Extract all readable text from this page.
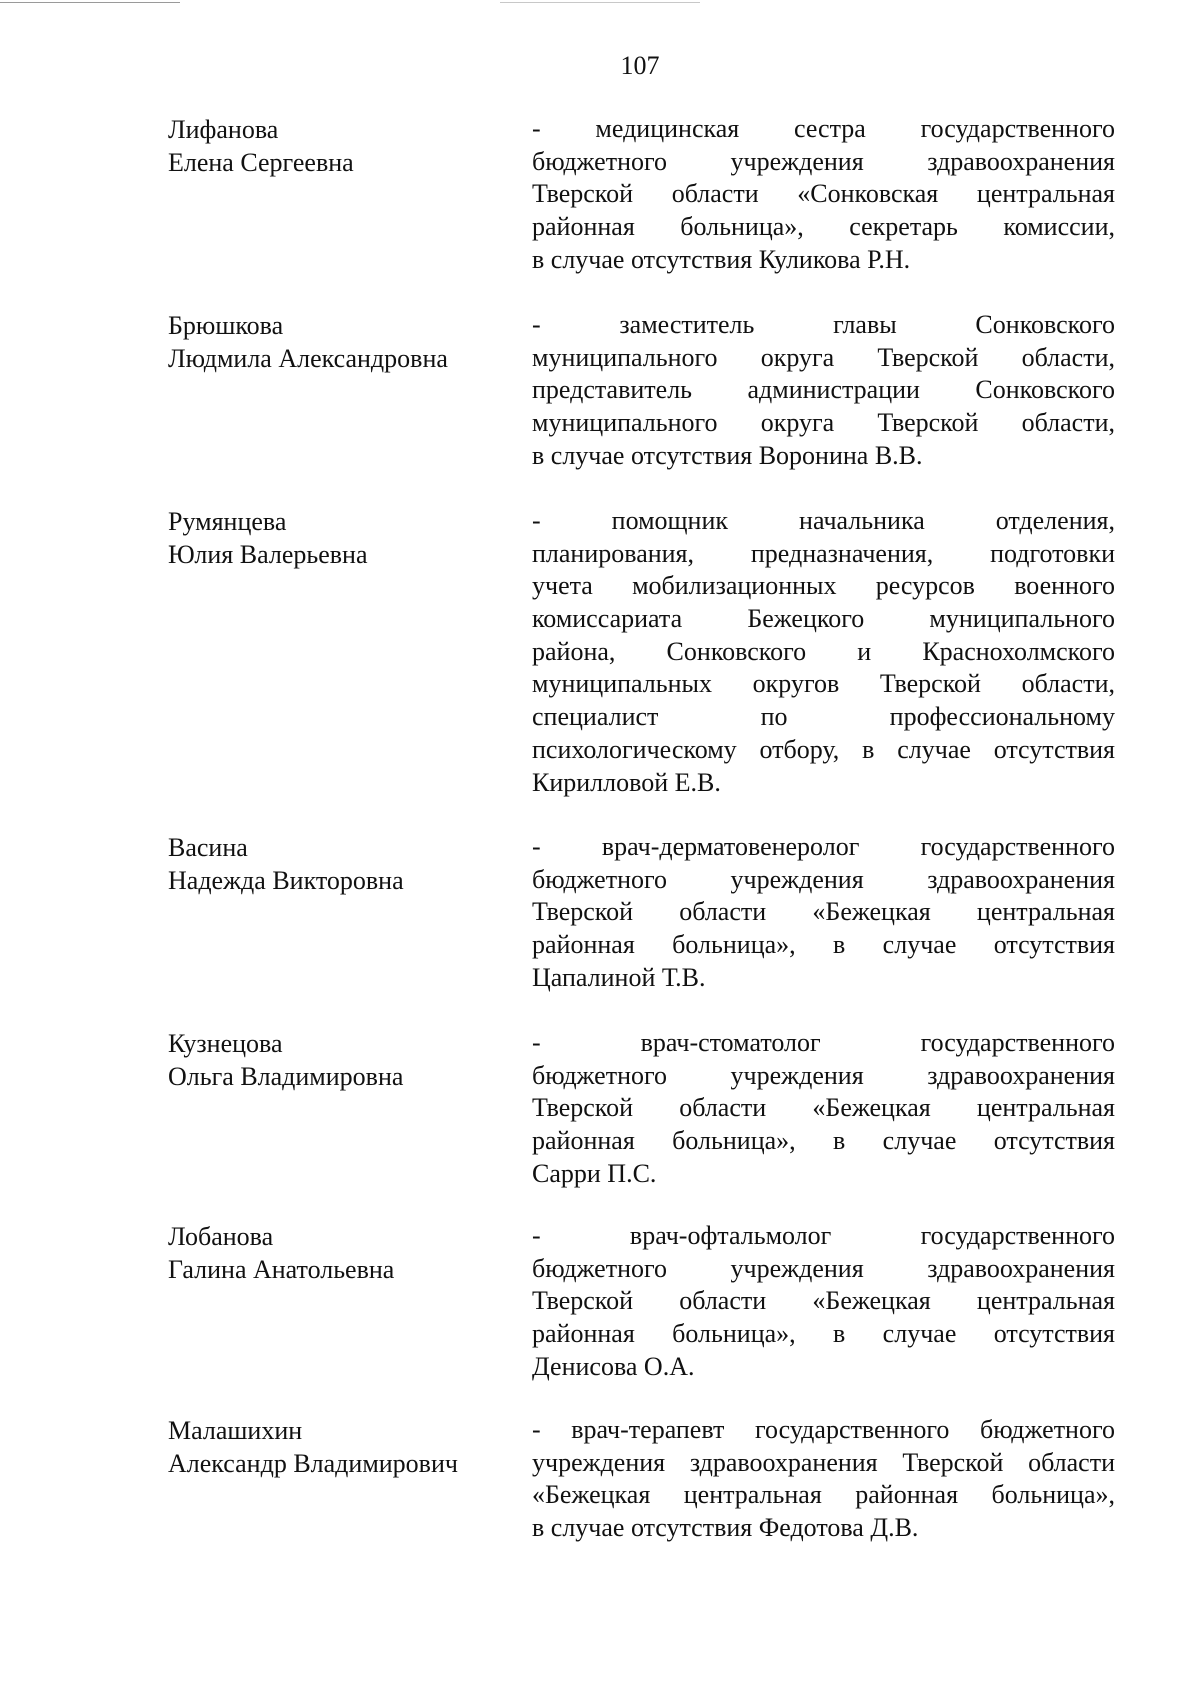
107
Лифанова
Елена Сергеевна
- медицинская сестра государственного
бюджетного учреждения здравоохранения
Тверской области «Сонковская центральная
районная больница», секретарь комиссии,
в случае отсутствия Куликова Р.Н.
Брюшкова
Людмила Александровна
- заместитель главы Сонковского
муниципального округа Тверской области,
представитель администрации Сонковского
муниципального округа Тверской области,
в случае отсутствия Воронина В.В.
Румянцева
Юлия Валерьевна
- помощник начальника отделения,
планирования, предназначения, подготовки
учета мобилизационных ресурсов военного
комиссариата Бежецкого муниципального
района, Сонковского и Краснохолмского
муниципальных округов Тверской области,
специалист по профессиональному
психологическому отбору, в случае отсутствия
Кирилловой Е.В.
Васина
Надежда Викторовна
- врач-дерматовенеролог государственного
бюджетного учреждения здравоохранения
Тверской области «Бежецкая центральная
районная больница», в случае отсутствия
Цапалиной Т.В.
Кузнецова
Ольга Владимировна
- врач-стоматолог государственного
бюджетного учреждения здравоохранения
Тверской области «Бежецкая центральная
районная больница», в случае отсутствия
Сарри П.С.
Лобанова
Галина Анатольевна
- врач-офтальмолог государственного
бюджетного учреждения здравоохранения
Тверской области «Бежецкая центральная
районная больница», в случае отсутствия
Денисова О.А.
Малашихин
Александр Владимирович
- врач-терапевт государственного бюджетного
учреждения здравоохранения Тверской области
«Бежецкая центральная районная больница»,
в случае отсутствия Федотова Д.В.
